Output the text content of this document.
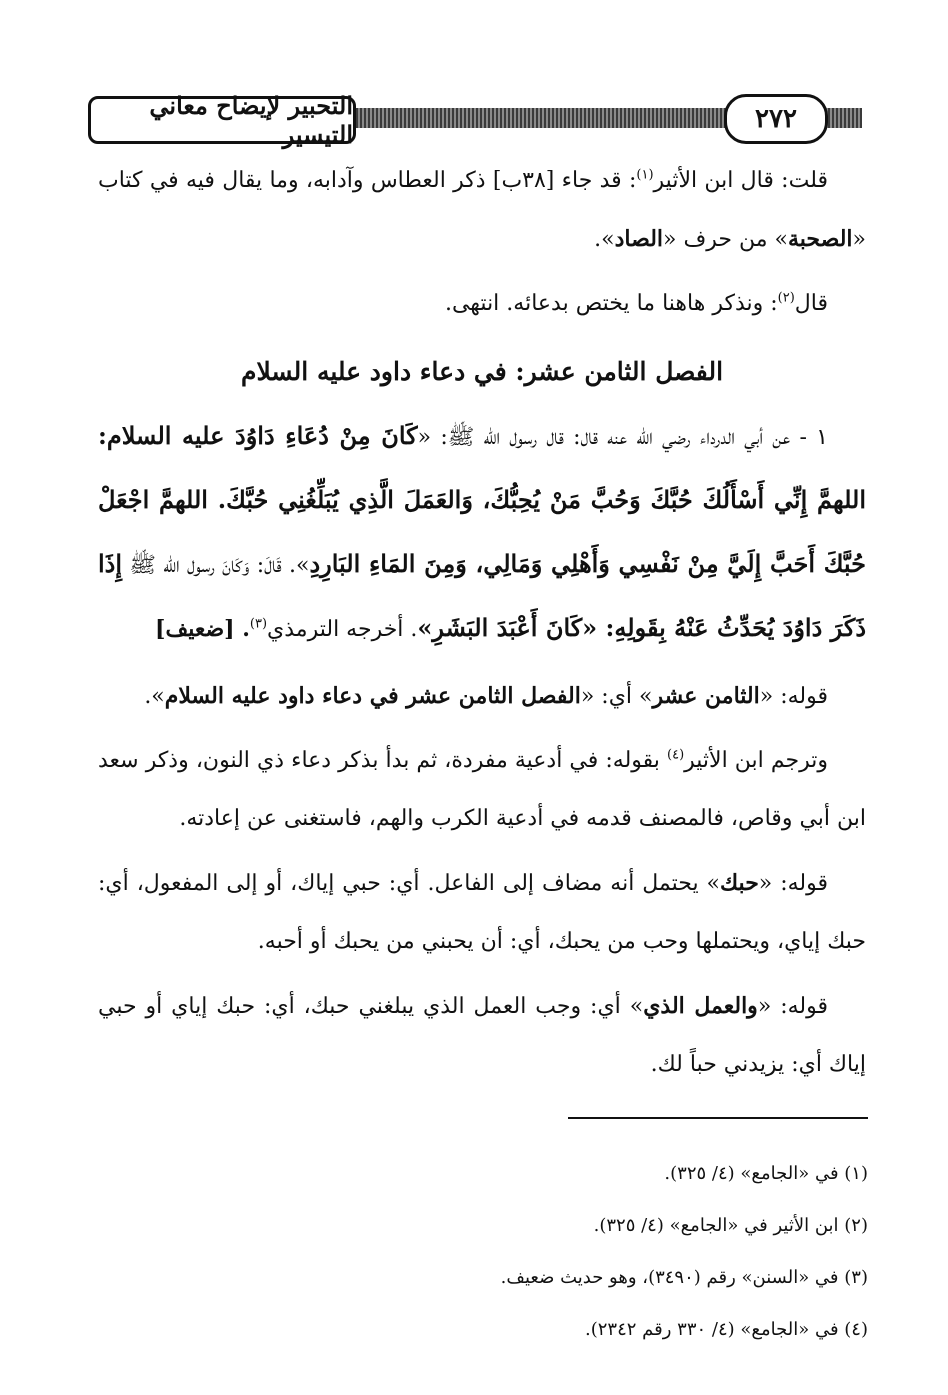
٢٧٢
التحبير لإيضاح معاني التيسير

قلت: قال ابن الأثير$^{(١)}$: قد جاء [٣٨ب] ذكر العطاس وآدابه، وما يقال فيه في كتاب «الصحبة» من حرف «الصاد».

قال$^{(٢)}$: ونذكر هاهنا ما يختص بدعائه. انتهى.

الفصل الثامن عشر: في دعاء داود عليه السلام

١ - عن أبي الدرداء رضي الله عنه قال: قال رسول الله ﷺ: «كَانَ مِنْ دُعَاءِ دَاوُدَ عليه السلام: اللهمَّ إِنِّي أَسْأَلُكَ حُبَّكَ وَحُبَّ مَنْ يُحِبُّكَ، وَالعَمَلَ الَّذِي يُبَلِّغُنِي حُبَّكَ. اللهمَّ اجْعَلْ حُبَّكَ أَحَبَّ إِلَيَّ مِنْ نَفْسِي وَأَهْلِي وَمَالِي، وَمِنَ المَاءِ البَارِدِ». قَالَ: وَكَانَ رسول الله ﷺ إِذَا ذَكَرَ دَاوُدَ يُحَدِّثُ عَنْهُ بِقَولِهِ: «كَانَ أَعْبَدَ البَشَرِ». أخرجه الترمذي$^{(٣)}$. [ضعيف]

قوله: «الثامن عشر» أي: «الفصل الثامن عشر في دعاء داود عليه السلام».

وترجم ابن الأثير$^{(٤)}$ بقوله: في أدعية مفردة، ثم بدأ بذكر دعاء ذي النون، وذكر سعد ابن أبي وقاص، فالمصنف قدمه في أدعية الكرب والهم، فاستغنى عن إعادته.

قوله: «حبك» يحتمل أنه مضاف إلى الفاعل. أي: حبي إياك، أو إلى المفعول، أي: حبك إياي، ويحتملها وحب من يحبك، أي: أن يحبني من يحبك أو أحبه.

قوله: «والعمل الذي» أي: وجب العمل الذي يبلغني حبك، أي: حبك إياي أو حبي إياك أي: يزيدني حباً لك.

(١) في «الجامع» (٤/ ٣٢٥).
(٢) ابن الأثير في «الجامع» (٤/ ٣٢٥).
(٣) في «السنن» رقم (٣٤٩٠)، وهو حديث ضعيف.
(٤) في «الجامع» (٤/ ٣٣٠ رقم ٢٣٤٢).
